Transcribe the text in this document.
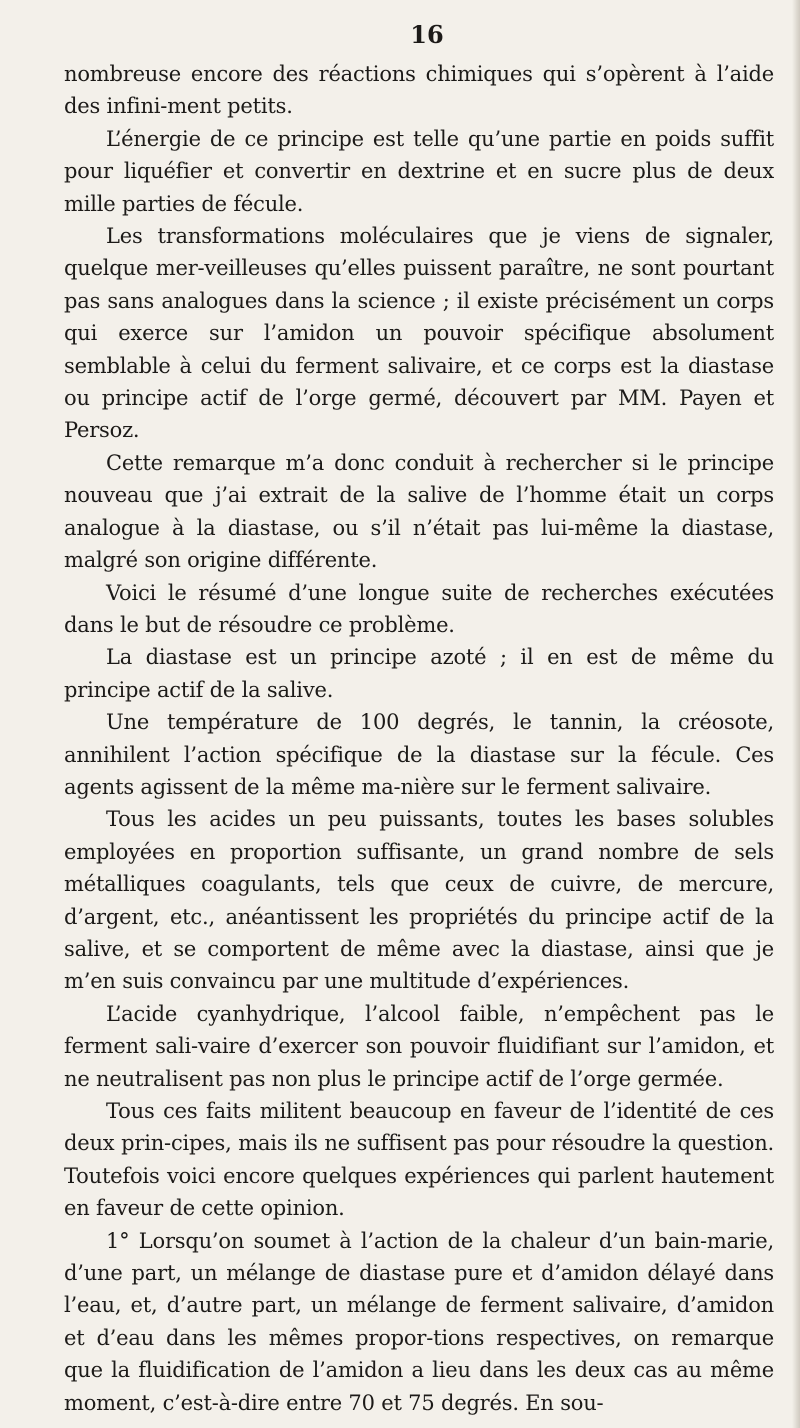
16

nombreuse encore des réactions chimiques qui s’opèrent à l’aide des infini-ment petits.

L’énergie de ce principe est telle qu’une partie en poids suffit pour liquéfier et convertir en dextrine et en sucre plus de deux mille parties de fécule.

Les transformations moléculaires que je viens de signaler, quelque mer-veilleuses qu’elles puissent paraître, ne sont pourtant pas sans analogues dans la science ; il existe précisément un corps qui exerce sur l’amidon un pouvoir spécifique absolument semblable à celui du ferment salivaire, et ce corps est la diastase ou principe actif de l’orge germé, découvert par MM. Payen et Persoz.

Cette remarque m’a donc conduit à rechercher si le principe nouveau que j’ai extrait de la salive de l’homme était un corps analogue à la diastase, ou s’il n’était pas lui-même la diastase, malgré son origine différente.

Voici le résumé d’une longue suite de recherches exécutées dans le but de résoudre ce problème.

La diastase est un principe azoté ; il en est de même du principe actif de la salive.

Une température de 100 degrés, le tannin, la créosote, annihilent l’action spécifique de la diastase sur la fécule. Ces agents agissent de la même ma-nière sur le ferment salivaire.

Tous les acides un peu puissants, toutes les bases solubles employées en proportion suffisante, un grand nombre de sels métalliques coagulants, tels que ceux de cuivre, de mercure, d’argent, etc., anéantissent les propriétés du principe actif de la salive, et se comportent de même avec la diastase, ainsi que je m’en suis convaincu par une multitude d’expériences.

L’acide cyanhydrique, l’alcool faible, n’empêchent pas le ferment sali-vaire d’exercer son pouvoir fluidifiant sur l’amidon, et ne neutralisent pas non plus le principe actif de l’orge germée.

Tous ces faits militent beaucoup en faveur de l’identité de ces deux prin-cipes, mais ils ne suffisent pas pour résoudre la question. Toutefois voici encore quelques expériences qui parlent hautement en faveur de cette opinion.

1° Lorsqu’on soumet à l’action de la chaleur d’un bain-marie, d’une part, un mélange de diastase pure et d’amidon délayé dans l’eau, et, d’autre part, un mélange de ferment salivaire, d’amidon et d’eau dans les mêmes propor-tions respectives, on remarque que la fluidification de l’amidon a lieu dans les deux cas au même moment, c’est-à-dire entre 70 et 75 degrés. En sou-
